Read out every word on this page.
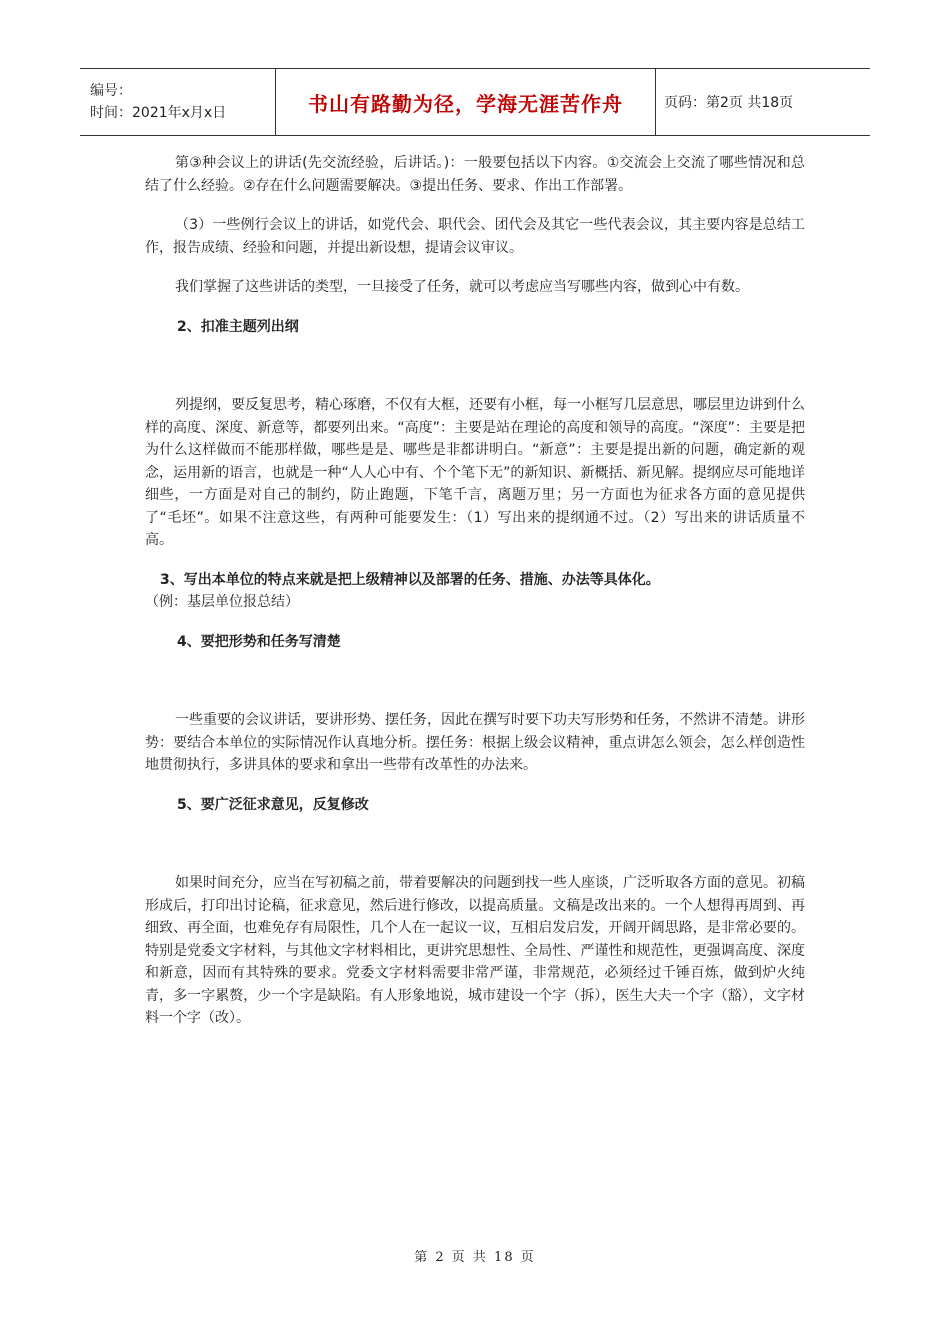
编号：
时间：2021年x月x日	书山有路勤为径，学海无涯苦作舟	页码：第2页 共18页

第③种会议上的讲话(先交流经验，后讲话。)：一般要包括以下内容。①交流会上交流了哪些情况和总结了什么经验。②存在什么问题需要解决。③提出任务、要求、作出工作部署。

（3）一些例行会议上的讲话，如党代会、职代会、团代会及其它一些代表会议，其主要内容是总结工作，报告成绩、经验和问题，并提出新设想，提请会议审议。

我们掌握了这些讲话的类型，一旦接受了任务，就可以考虑应当写哪些内容，做到心中有数。

2、扣准主题列出纲

列提纲，要反复思考，精心琢磨，不仅有大框，还要有小框，每一小框写几层意思，哪层里边讲到什么样的高度、深度、新意等，都要列出来。“高度”：主要是站在理论的高度和领导的高度。“深度”：主要是把为什么这样做而不能那样做，哪些是是、哪些是非都讲明白。“新意”：主要是提出新的问题，确定新的观念，运用新的语言，也就是一种“人人心中有、个个笔下无”的新知识、新概括、新见解。提纲应尽可能地详细些，一方面是对自己的制约，防止跑题，下笔千言，离题万里；另一方面也为征求各方面的意见提供了“毛坯”。如果不注意这些，有两种可能要发生：（1）写出来的提纲通不过。（2）写出来的讲话质量不高。

3、写出本单位的特点来就是把上级精神以及部署的任务、措施、办法等具体化。（例：基层单位报总结）

4、要把形势和任务写清楚

一些重要的会议讲话，要讲形势、摆任务，因此在撰写时要下功夫写形势和任务，不然讲不清楚。讲形势：要结合本单位的实际情况作认真地分析。摆任务：根据上级会议精神，重点讲怎么领会，怎么样创造性地贯彻执行，多讲具体的要求和拿出一些带有改革性的办法来。

5、要广泛征求意见，反复修改

如果时间充分，应当在写初稿之前，带着要解决的问题到找一些人座谈，广泛听取各方面的意见。初稿形成后，打印出讨论稿，征求意见，然后进行修改，以提高质量。文稿是改出来的。一个人想得再周到、再细致、再全面，也难免存有局限性，几个人在一起议一议，互相启发启发，开阔开阔思路，是非常必要的。特别是党委文字材料，与其他文字材料相比，更讲究思想性、全局性、严谨性和规范性，更强调高度、深度和新意，因而有其特殊的要求。党委文字材料需要非常严谨，非常规范，必须经过千锤百炼，做到炉火纯青，多一字累赘，少一个字是缺陷。有人形象地说，城市建设一个字（拆），医生大夫一个字（豁），文字材料一个字（改）。

第 2 页 共 18 页
